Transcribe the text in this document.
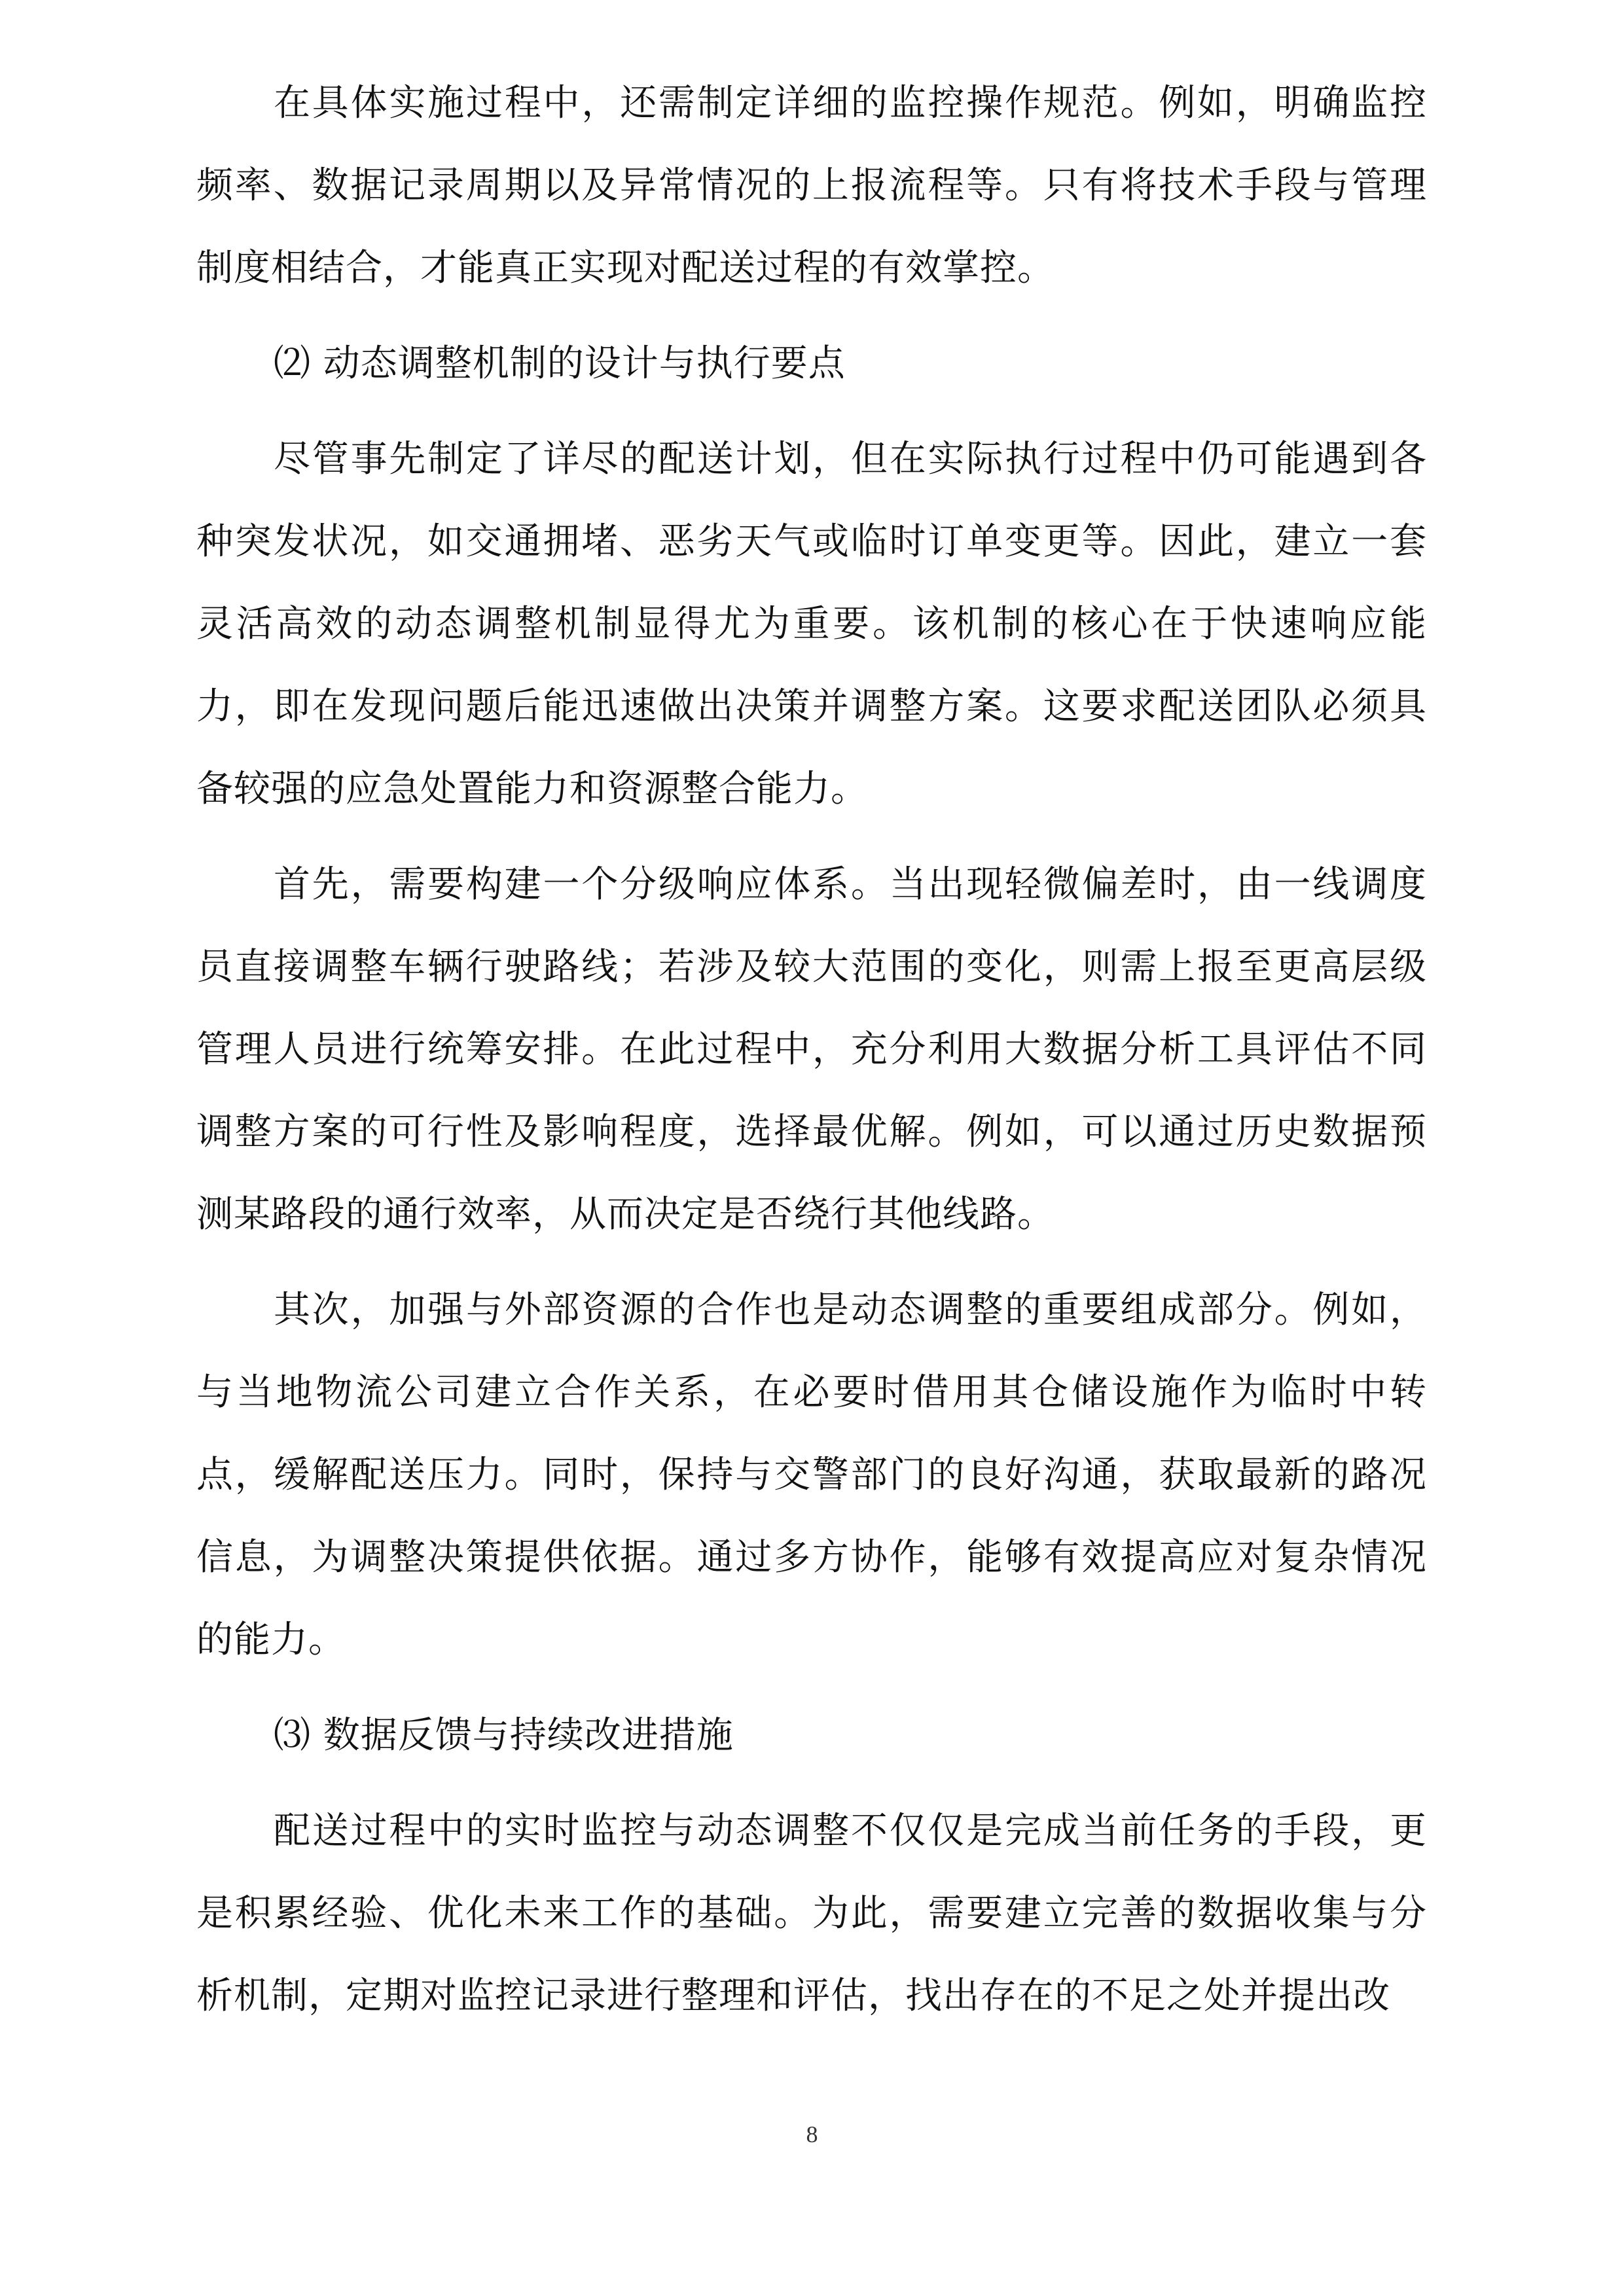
在具体实施过程中，还需制定详细的监控操作规范。例如，明确监控频率、数据记录周期以及异常情况的上报流程等。只有将技术手段与管理制度相结合，才能真正实现对配送过程的有效掌控。

⑵ 动态调整机制的设计与执行要点

尽管事先制定了详尽的配送计划，但在实际执行过程中仍可能遇到各种突发状况，如交通拥堵、恶劣天气或临时订单变更等。因此，建立一套灵活高效的动态调整机制显得尤为重要。该机制的核心在于快速响应能力，即在发现问题后能迅速做出决策并调整方案。这要求配送团队必须具备较强的应急处置能力和资源整合能力。

首先，需要构建一个分级响应体系。当出现轻微偏差时，由一线调度员直接调整车辆行驶路线；若涉及较大范围的变化，则需上报至更高层级管理人员进行统筹安排。在此过程中，充分利用大数据分析工具评估不同调整方案的可行性及影响程度，选择最优解。例如，可以通过历史数据预测某路段的通行效率，从而决定是否绕行其他线路。

其次，加强与外部资源的合作也是动态调整的重要组成部分。例如，与当地物流公司建立合作关系，在必要时借用其仓储设施作为临时中转点，缓解配送压力。同时，保持与交警部门的良好沟通，获取最新的路况信息，为调整决策提供依据。通过多方协作，能够有效提高应对复杂情况的能力。

⑶ 数据反馈与持续改进措施

配送过程中的实时监控与动态调整不仅仅是完成当前任务的手段，更是积累经验、优化未来工作的基础。为此，需要建立完善的数据收集与分析机制，定期对监控记录进行整理和评估，找出存在的不足之处并提出改

8
